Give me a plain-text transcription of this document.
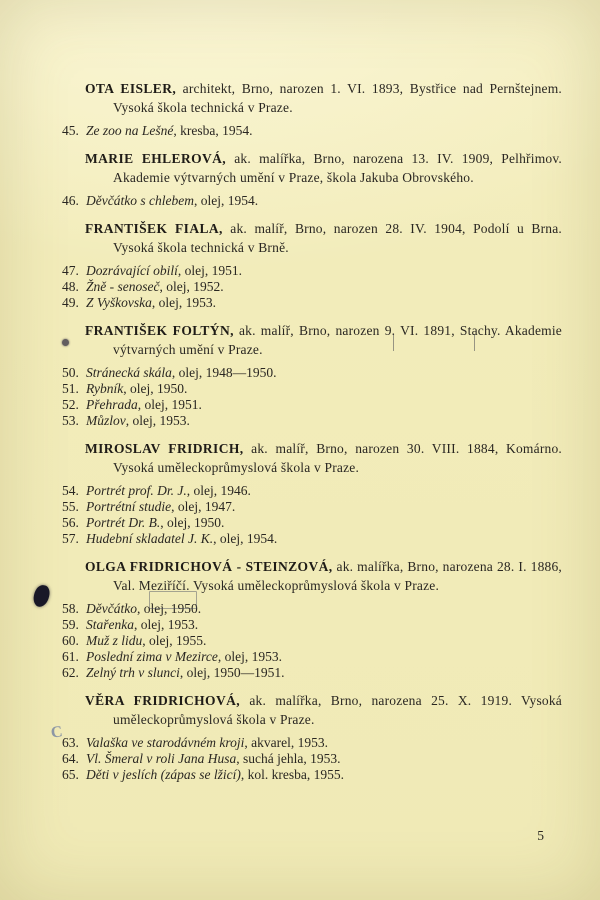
OTA EISLER, architekt, Brno, narozen 1. VI. 1893, Bystřice nad Pernštejnem. Vysoká škola technická v Praze.

45. Ze zoo na Lešné, kresba, 1954.

MARIE EHLEROVÁ, ak. malířka, Brno, narozena 13. IV. 1909, Pelhřimov. Akademie výtvarných umění v Praze, škola Jakuba Obrovského.

46. Děvčátko s chlebem, olej, 1954.

FRANTIŠEK FIALA, ak. malíř, Brno, narozen 28. IV. 1904, Podolí u Brna. Vysoká škola technická v Brně.

47. Dozrávající obilí, olej, 1951.
48. Žně - senoseč, olej, 1952.
49. Z Vyškovska, olej, 1953.

FRANTIŠEK FOLTÝN, ak. malíř, Brno, narozen 9. VI. 1891, Stachy. Akademie výtvarných umění v Praze.

50. Stránecká skála, olej, 1948—1950.
51. Rybník, olej, 1950.
52. Přehrada, olej, 1951.
53. Můzlov, olej, 1953.

MIROSLAV FRIDRICH, ak. malíř, Brno, narozen 30. VIII. 1884, Komárno. Vysoká uměleckoprůmyslová škola v Praze.

54. Portrét prof. Dr. J., olej, 1946.
55. Portrétní studie, olej, 1947.
56. Portrét Dr. B., olej, 1950.
57. Hudební skladatel J. K., olej, 1954.

OLGA FRIDRICHOVÁ - STEINZOVÁ, ak. malířka, Brno, narozena 28. I. 1886, Val. Meziříčí. Vysoká uměleckoprůmyslová škola v Praze.

58. Děvčátko, olej, 1950.
59. Stařenka, olej, 1953.
60. Muž z lidu, olej, 1955.
61. Poslední zima v Mezirce, olej, 1953.
62. Zelný trh v slunci, olej, 1950—1951.

VĚRA FRIDRICHOVÁ, ak. malířka, Brno, narozena 25. X. 1919. Vysoká uměleckoprůmyslová škola v Praze.

63. Valaška ve starodávném kroji, akvarel, 1953.
64. Vl. Šmeral v roli Jana Husa, suchá jehla, 1953.
65. Děti v jeslích (zápas se lžicí), kol. kresba, 1955.
5
C
